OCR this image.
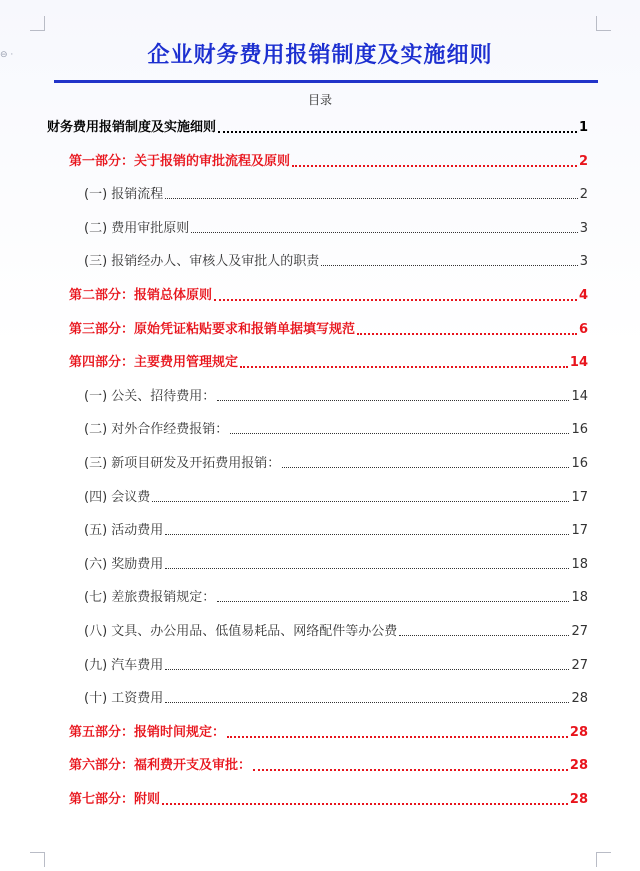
⊖ ·	企业财务费用报销制度及实施细则
目录
财务费用报销制度及实施细则	1
第一部分：关于报销的审批流程及原则	2
(一) 报销流程	2
(二) 费用审批原则	3
(三) 报销经办人、审核人及审批人的职责	3
第二部分：报销总体原则	4
第三部分：原始凭证粘贴要求和报销单据填写规范	6
第四部分：主要费用管理规定	14
(一) 公关、招待费用：	14
(二) 对外合作经费报销：	16
(三) 新项目研发及开拓费用报销：	16
(四) 会议费	17
(五) 活动费用	17
(六) 奖励费用	18
(七) 差旅费报销规定：	18
(八) 文具、办公用品、低值易耗品、网络配件等办公费	27
(九) 汽车费用	27
(十) 工资费用	28
第五部分：报销时间规定：	28
第六部分：福利费开支及审批：	28
第七部分：附则	28
